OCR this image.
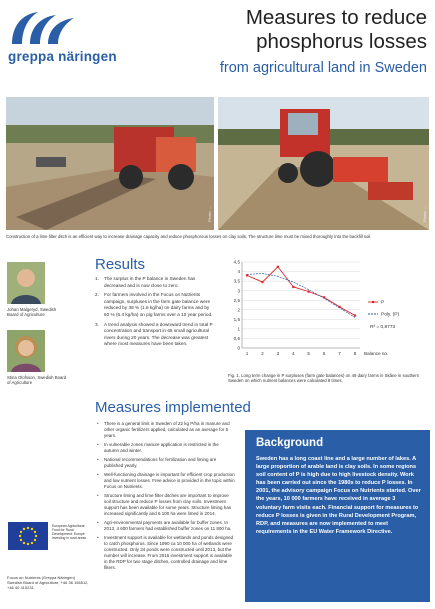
greppa näringen
Measures to reduce
phosphorus losses
from agricultural land in Sweden
Photo: ...	Photo: ...
Construction of a lime filter ditch is an efficient way to increase drainage capacity and reduce phosphorous losses on clay soils. The structure lime must be mixed thoroughly into the backfill soil.
Johan Malgeryd, Swedish Board of Agriculture
Stina Olofsson, Swedish Board of Agriculture
Results
1. The surplus in the P balance in Sweden has decreased and is now close to zero.
2. For farmers involved in the Focus on Nutrients campaign, surpluses in the farm gate balance were reduced by 38 % (1.6 kg/ha) on dairy farms and by 60 % (6.4 kg/ha) on pig farms over a 10 year period.
3. A trend analysis showed a downward trend in total P concentration and transport in 65 small agricultural rivers during 20 years. The decrease was greatest where most measures have been taken.
0
0,5
1
1,5
2
2,5
3
3,5
4
4,5
1	2	3	4	5	6	7	8 Balance no.
P
Poly. (P)
R² = 0,8773
Fig. 1. Long term change in P surpluses (farm gate balances) on 49 dairy farms in Skåne in southern Sweden on which nutrient balances were calculated 8 times.
Measures implemented
• There is a general limit in Sweden of 22 kg P/ha in manure and other organic fertilizers applied, calculated as an average for 5 years.
• In vulnerable zones manure application is restricted in the autumn and winter.
• National recommendations for fertilization and liming are published yearly.
• Well-functioning drainage is important for efficient crop production and low nutrient losses. Free advice is provided in the topic within Focus on Nutrients.
• Structure liming and lime filter ditches are important to improve soil structure and reduce P losses from clay soils. Investment support has been available for some years. Structure liming has increased significantly and 6 100 ha were limed in 2014.
• Agri-environmental payments are available for buffer zones. In 2013, 4 600 farmers had established buffer zones on 11 800 ha.
• Investment support is available for wetlands and ponds designed to catch phosphorus. Since 1990 ca 10 000 ha of wetlands were constructed. Only 34 ponds were constructed until 2013, but the number will increase. From 2016 investment support is available in the RDP for two stage ditches, controlled drainage and lime filters.
European Agricultural Fund for Rural Development: Europe investing in rural areas
Focus on Nutrients (Greppa Näringen) Swedish Board of Agriculture, +46 36 156512, +46 40 415231
Background
Sweden has a long coast line and a large number of lakes. A large proportion of arable land is clay soils. In some regions soil content of P is high due to high livestock density. Work has been carried out since the 1980s to reduce P losses. In 2001, the advisory campaign Focus on Nutrients started. Over the years, 10 000 farmers have received in average 3 voluntary farm visits each. Financial support for measures to reduce P losses is given in the Rural Development Program, RDP, and measures are now implemented to meet requirements in the EU Water Framework Directive.
